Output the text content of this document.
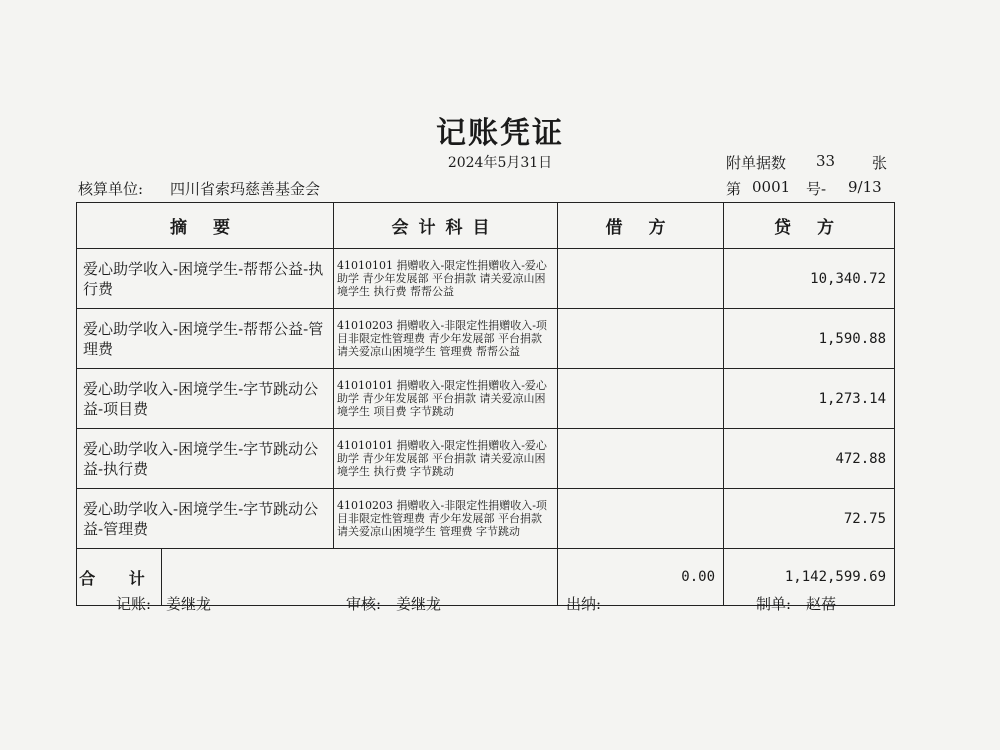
记账凭证
2024年5月31日	附单据数 33 张
核算单位: 四川省索玛慈善基金会	第 0001 号- 9/13
摘 要		会计科目	借 方	贷 方
爱心助学收入-困境学生-帮帮公益-执行费		41010101 捐赠收入-限定性捐赠收入-爱心助学 青少年发展部 平台捐款 请关爱凉山困境学生 执行费 帮帮公益		10,340.72
爱心助学收入-困境学生-帮帮公益-管理费		41010203 捐赠收入-非限定性捐赠收入-项目非限定性管理费 青少年发展部 平台捐款 请关爱凉山困境学生 管理费 帮帮公益		1,590.88
爱心助学收入-困境学生-字节跳动公益-项目费		41010101 捐赠收入-限定性捐赠收入-爱心助学 青少年发展部 平台捐款 请关爱凉山困境学生 项目费 字节跳动		1,273.14
爱心助学收入-困境学生-字节跳动公益-执行费		41010101 捐赠收入-限定性捐赠收入-爱心助学 青少年发展部 平台捐款 请关爱凉山困境学生 执行费 字节跳动		472.88
爱心助学收入-困境学生-字节跳动公益-管理费		41010203 捐赠收入-非限定性捐赠收入-项目非限定性管理费 青少年发展部 平台捐款 请关爱凉山困境学生 管理费 字节跳动		72.75
合 计			0.00	1,142,599.69
记账: 姜继龙	审核: 姜继龙	出纳:	制单: 赵蓓
